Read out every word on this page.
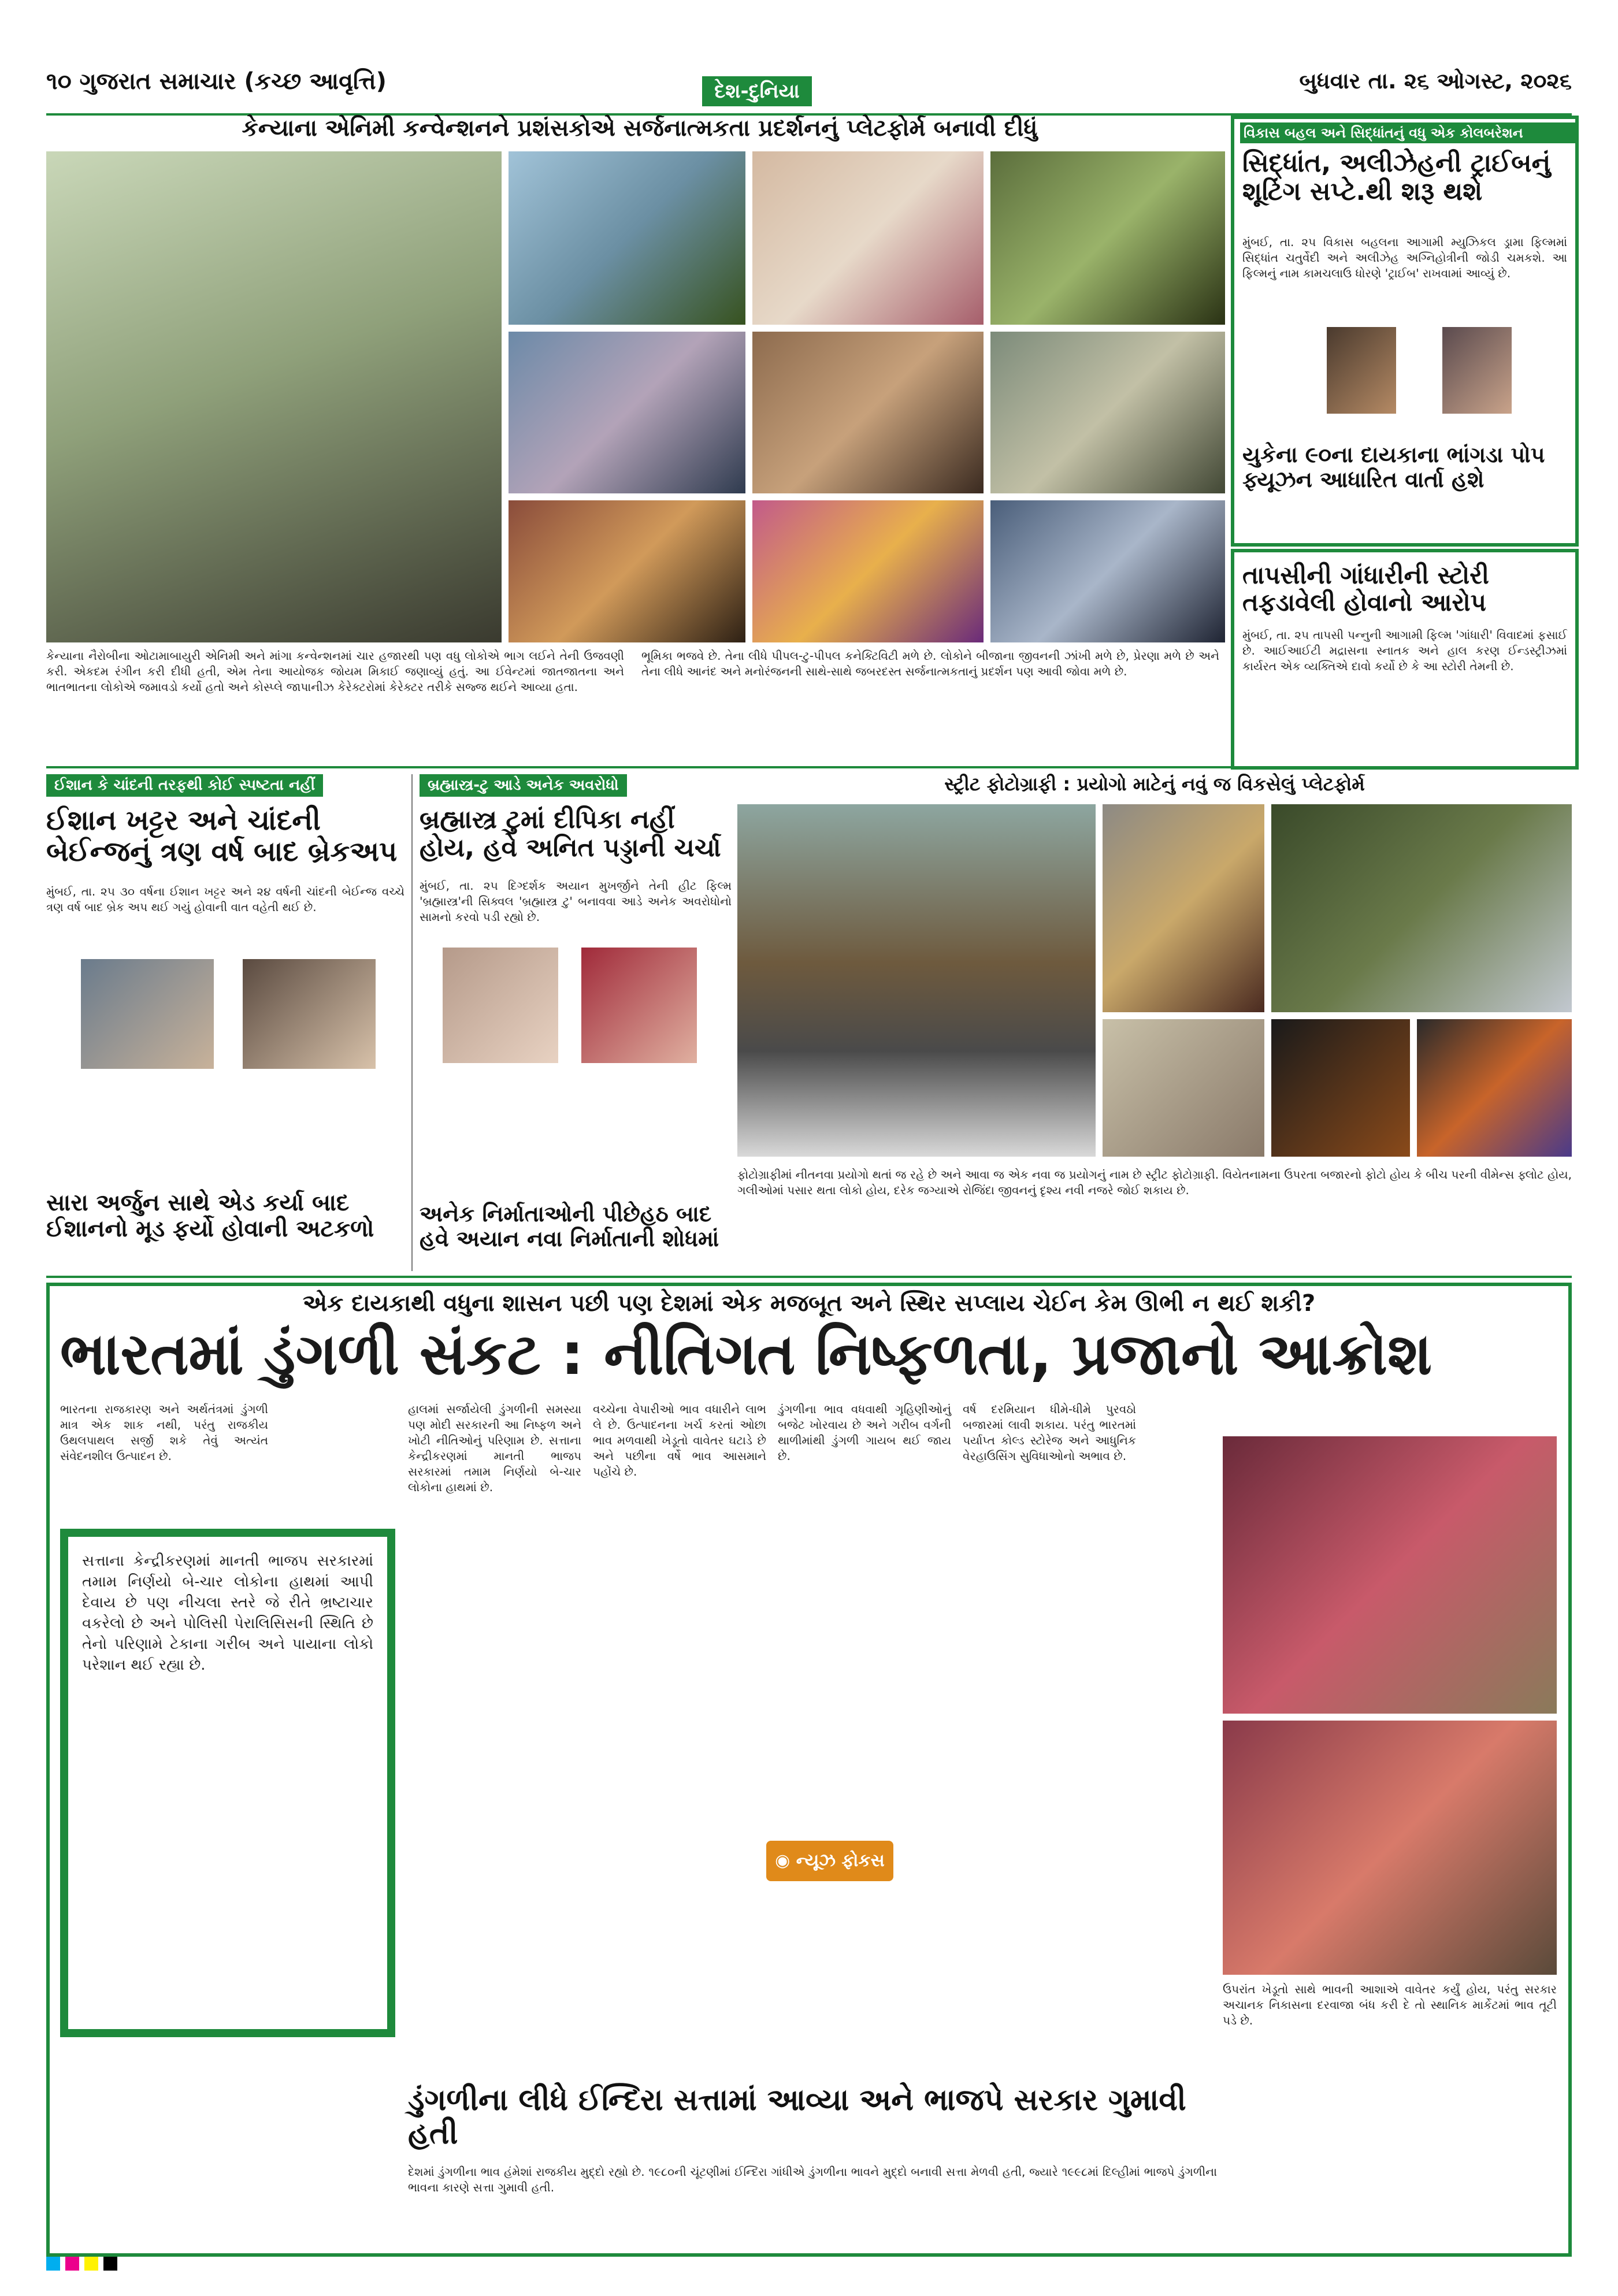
૧૦ ગુજરાત સમાચાર (કચ્છ આવૃત્તિ)	દેશ-દુનિયા	બુધવાર તા. ૨૬ ઓગસ્ટ, ૨૦૨૬
કેન્યાના એનિમી કન્વેન્શનને પ્રશંસકોએ સર્જનાત્મકતા પ્રદર્શનનું પ્લેટફોર્મ બનાવી દીધું
કેન્યાના નૈરોબીના ઓટામાબાયુરી એનિમી અને માંગા કન્વેન્શનમાં ચાર હજારથી પણ વધુ લોકોએ ભાગ લઈને તેની ઉજવણી કરી. એકદમ રંગીન કરી દીધી હતી, એમ તેના આયોજક જોયમ મિકાઈ જણાવ્યું હતું. આ ઈવેન્ટમાં જાતજાતના અને ભાતભાતના લોકોએ જમાવડો કર્યો હતો અને કોસ્પ્લે જાપાનીઝ કેરેક્ટરોમાં કેરેક્ટર તરીકે સજ્જ થઈને આવ્યા હતા.
ભૂમિકા ભજવે છે. તેના લીધે પીપલ-ટુ-પીપલ કનેક્ટિવિટી મળે છે. લોકોને બીજાના જીવનની ઝાંખી મળે છે, પ્રેરણા મળે છે અને તેના લીધે આનંદ અને મનોરંજનની સાથે-સાથે જબરદસ્ત સર્જનાત્મકતાનું પ્રદર્શન પણ આવી જોવા મળે છે.
વિકાસ બહલ અને સિદ્ધાંતનું વધુ એક કોલબરેશન
સિદ્ધાંત, અલીઝેહની ટ્રાઈબનું શૂટિંગ સપ્ટે.થી શરૂ થશે
મુંબઈ, તા. ૨૫ વિકાસ બહલના આગામી મ્યુઝિકલ ડ્રામા ફિલ્મમાં સિદ્ધાંત ચતુર્વેદી અને અલીઝેહ અગ્નિહોત્રીની જોડી ચમકશે. આ ફિલ્મનું નામ કામચલાઉ ધોરણે 'ટ્રાઈબ' રાખવામાં આવ્યું છે.
યુકેના ૯૦ના દાયકાના ભાંગડા પોપ ફ્યૂઝન આધારિત વાર્તા હશે
તાપસીની ગાંધારીની સ્ટોરી તફડાવેલી હોવાનો આરોપ
મુંબઈ, તા. ૨૫ તાપસી પન્નુની આગામી ફિલ્મ 'ગાંધારી' વિવાદમાં ફસાઈ છે. આઈઆઈટી મદ્રાસના સ્નાતક અને હાલ કરણ ઈન્ડસ્ટ્રીઝમાં કાર્યરત એક વ્યક્તિએ દાવો કર્યો છે કે આ સ્ટોરી તેમની છે.
ઈશાન કે ચાંદની તરફથી કોઈ સ્પષ્ટતા નહીં
ઈશાન ખટ્ટર અને ચાંદની બેઈન્જનું ત્રણ વર્ષ બાદ બ્રેકઅપ
મુંબઈ, તા. ૨૫ ૩૦ વર્ષના ઈશાન ખટ્ટર અને ૨૪ વર્ષની ચાંદની બેઈન્જ વચ્ચે ત્રણ વર્ષ બાદ બ્રેક અપ થઈ ગયું હોવાની વાત વહેતી થઈ છે.
સારા અર્જુન સાથે એડ કર્યા બાદ ઈશાનનો મૂડ ફર્યો હોવાની અટકળો
બ્રહ્માસ્ત્ર-ટુ આડે અનેક અવરોધો
બ્રહ્માસ્ત્ર ટુમાં દીપિકા નહીં હોય, હવે અનિત પડ્ડાની ચર્ચા
મુંબઈ, તા. ૨૫ દિગ્દર્શક અયાન મુખર્જીને તેની હીટ ફિલ્મ 'બ્રહ્માસ્ત્ર'ની સિક્વલ 'બ્રહ્માસ્ત્ર ટુ' બનાવવા આડે અનેક અવરોધોનો સામનો કરવો પડી રહ્યો છે.
અનેક નિર્માતાઓની પીછેહઠ બાદ હવે અયાન નવા નિર્માતાની શોધમાં
સ્ટ્રીટ ફોટોગ્રાફી : પ્રયોગો માટેનું નવું જ વિકસેલું પ્લેટફોર્મ
ફોટોગ્રાફીમાં નીતનવા પ્રયોગો થતાં જ રહે છે અને આવા જ એક નવા જ પ્રયોગનું નામ છે સ્ટ્રીટ ફોટોગ્રાફી. વિયેતનામના ઉપરતા બજારનો ફોટો હોય કે બીચ પરની વીમેન્સ ફ્લોટ હોય, ગલીઓમાં પસાર થતા લોકો હોય, દરેક જગ્યાએ રોજિંદા જીવનનું દૃશ્ય નવી નજરે જોઈ શકાય છે.
એક દાયકાથી વધુના શાસન પછી પણ દેશમાં એક મજબૂત અને સ્થિર સપ્લાય ચેઈન કેમ ઊભી ન થઈ શકી?
ભારતમાં ડુંગળી સંકટ : નીતિગત નિષ્ફળતા, પ્રજાનો આક્રોશ
ભારતના રાજકારણ અને અર્થતંત્રમાં ડુંગળી માત્ર એક શાક નથી, પરંતુ રાજકીય ઉથલપાથલ સર્જી શકે તેવું અત્યંત સંવેદનશીલ ઉત્પાદન છે.
સત્તાના કેન્દ્રીકરણમાં માનતી ભાજપ સરકારમાં તમામ નિર્ણયો બે-ચાર લોકોના હાથમાં આપી દેવાય છે પણ નીચલા સ્તરે જે રીતે ભ્રષ્ટાચાર વકરેલો છે અને પોલિસી પેરાલિસિસની સ્થિતિ છે તેનો પરિણામે ટેકાના ગરીબ અને પાયાના લોકો પરેશાન થઈ રહ્યા છે.
હાલમાં સર્જાયેલી ડુંગળીની સમસ્યા પણ મોદી સરકારની આ નિષ્ફળ અને ખોટી નીતિઓનું પરિણામ છે. સત્તાના કેન્દ્રીકરણમાં માનતી ભાજપ સરકારમાં તમામ નિર્ણયો બે-ચાર લોકોના હાથમાં છે.
વચ્ચેના વેપારીઓ ભાવ વધારીને લાભ લે છે. ઉત્પાદનના ખર્ચ કરતાં ઓછા ભાવ મળવાથી ખેડૂતો વાવેતર ઘટાડે છે અને પછીના વર્ષે ભાવ આસમાને પહોંચે છે.
ડુંગળીના ભાવ વધવાથી ગૃહિણીઓનું બજેટ ખોરવાય છે અને ગરીબ વર્ગની થાળીમાંથી ડુંગળી ગાયબ થઈ જાય છે.
વર્ષ દરમિયાન ધીમે-ધીમે પુરવઠો બજારમાં લાવી શકાય. પરંતુ ભારતમાં પર્યાપ્ત કોલ્ડ સ્ટોરેજ અને આધુનિક વેરહાઉસિંગ સુવિધાઓનો અભાવ છે.
◉ ન્યૂઝ ફોકસ
ઉપરાંત ખેડૂતો સાથે ભાવની આશાએ વાવેતર કર્યું હોય, પરંતુ સરકાર અચાનક નિકાસના દરવાજા બંધ કરી દે તો સ્થાનિક માર્કેટમાં ભાવ તૂટી પડે છે.
ડુંગળીના લીધે ઈન્દિરા સત્તામાં આવ્યા અને ભાજપે સરકાર ગુમાવી હતી
દેશમાં ડુંગળીના ભાવ હંમેશાં રાજકીય મુદ્દો રહ્યો છે. ૧૯૮૦ની ચૂંટણીમાં ઈન્દિરા ગાંધીએ ડુંગળીના ભાવને મુદ્દો બનાવી સત્તા મેળવી હતી, જ્યારે ૧૯૯૮માં દિલ્હીમાં ભાજપે ડુંગળીના ભાવના કારણે સત્તા ગુમાવી હતી.
